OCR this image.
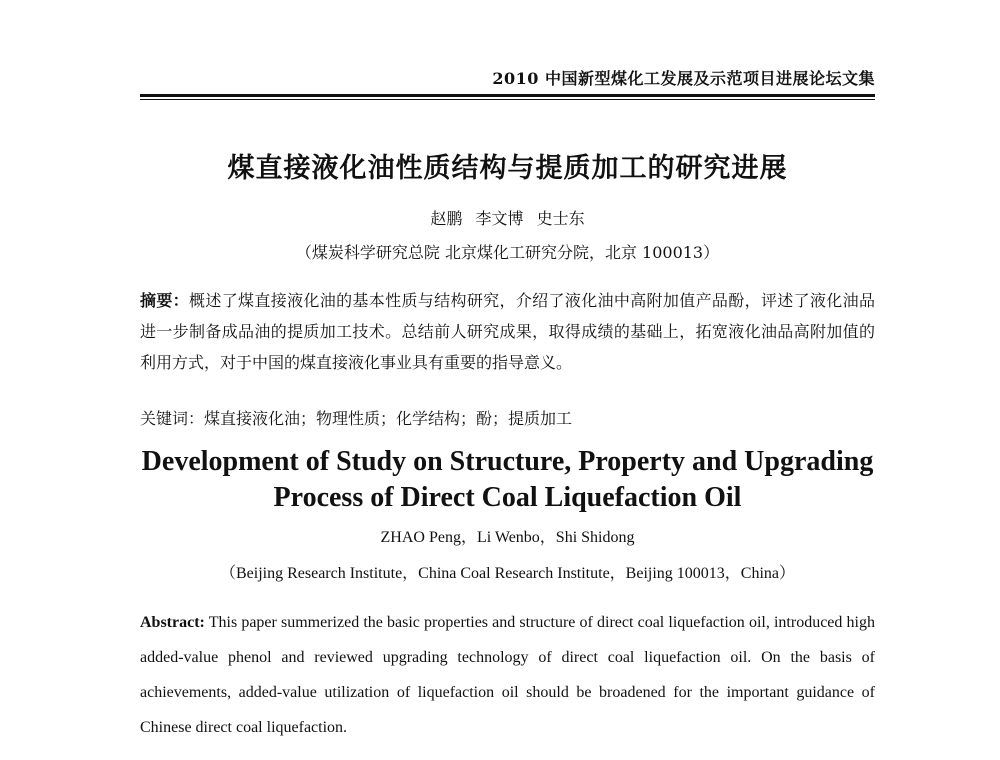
2010 中国新型煤化工发展及示范项目进展论坛文集
煤直接液化油性质结构与提质加工的研究进展
赵鹏 李文博 史士东
（煤炭科学研究总院 北京煤化工研究分院，北京 100013）
摘要：概述了煤直接液化油的基本性质与结构研究，介绍了液化油中高附加值产品酚，评述了液化油品进一步制备成品油的提质加工技术。总结前人研究成果，取得成绩的基础上，拓宽液化油品高附加值的利用方式，对于中国的煤直接液化事业具有重要的指导意义。
关键词：煤直接液化油；物理性质；化学结构；酚；提质加工
Development of Study on Structure, Property and Upgrading
Process of Direct Coal Liquefaction Oil
ZHAO Peng，Li Wenbo，Shi Shidong
（Beijing Research Institute，China Coal Research Institute，Beijing 100013，China）
Abstract: This paper summerized the basic properties and structure of direct coal liquefaction oil, introduced high added-value phenol and reviewed upgrading technology of direct coal liquefaction oil. On the basis of achievements, added-value utilization of liquefaction oil should be broadened for the important guidance of Chinese direct coal liquefaction.
